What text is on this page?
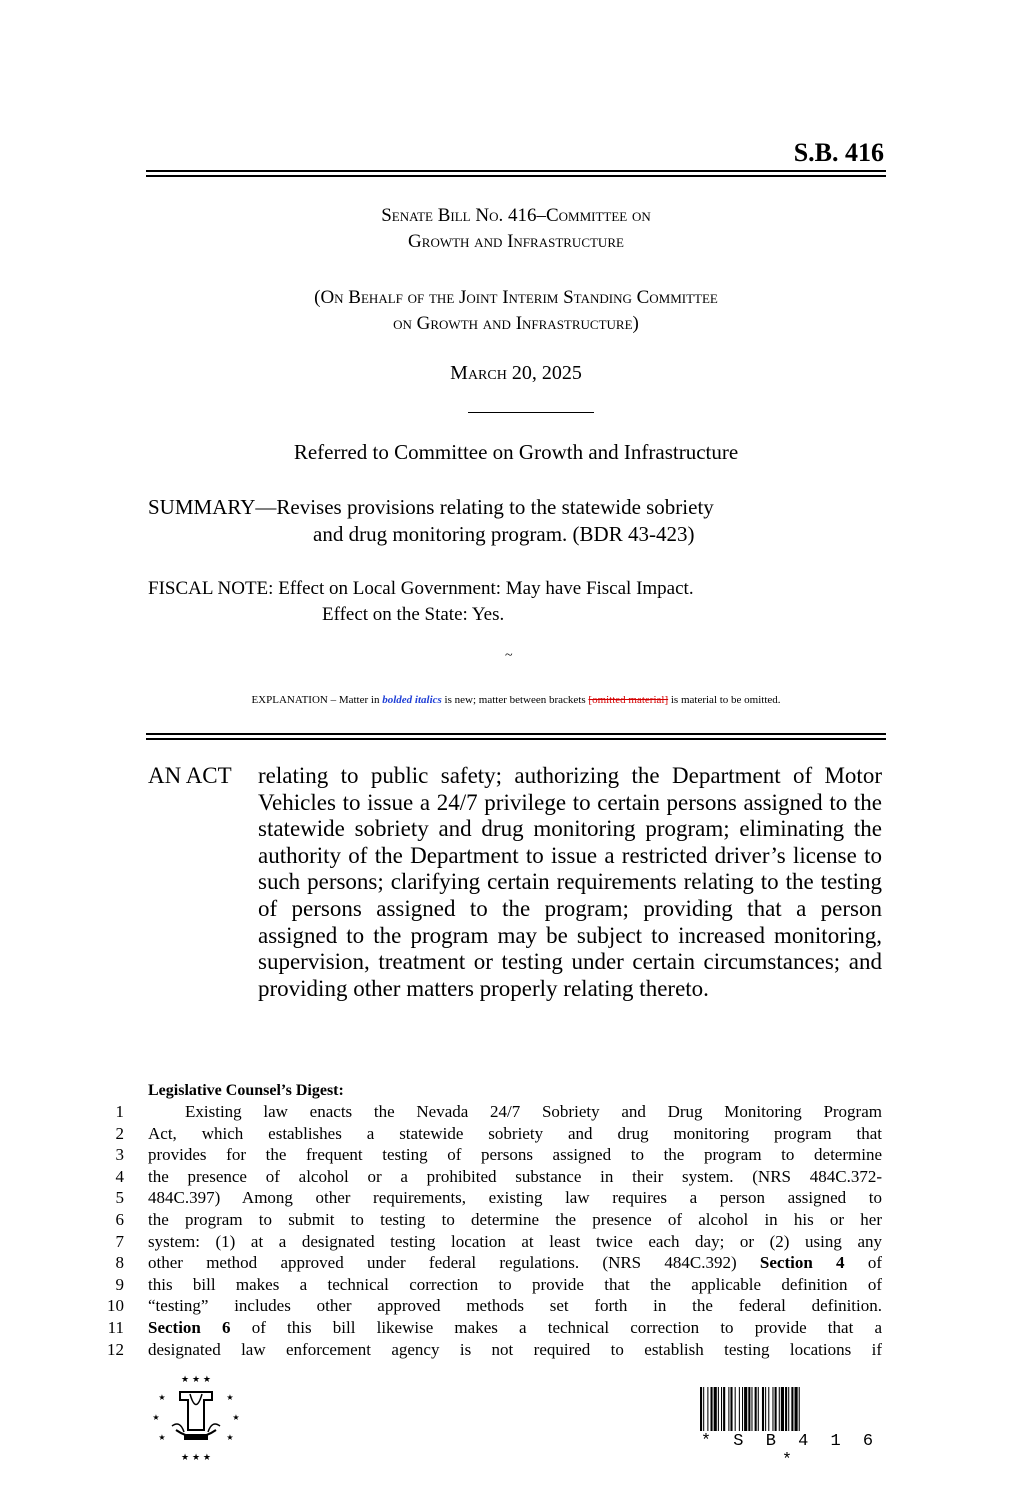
S.B. 416
Senate Bill No. 416–Committee on
Growth and Infrastructure
(On Behalf of the Joint Interim Standing Committee
on Growth and Infrastructure)
March 20, 2025
Referred to Committee on Growth and Infrastructure
SUMMARY—Revises provisions relating to the statewide sobriety
and drug monitoring program. (BDR 43-423)
FISCAL NOTE: Effect on Local Government: May have Fiscal Impact.
Effect on the State: Yes.
~
EXPLANATION – Matter in bolded italics is new; matter between brackets [omitted material] is material to be omitted.
AN ACT	relating to public safety; authorizing the Department of Motor Vehicles to issue a 24/7 privilege to certain persons assigned to the statewide sobriety and drug monitoring program; eliminating the authority of the Department to issue a restricted driver’s license to such persons; clarifying certain requirements relating to the testing of persons assigned to the program; providing that a person assigned to the program may be subject to increased monitoring, supervision, treatment or testing under certain circumstances; and providing other matters properly relating thereto.
Legislative Counsel’s Digest:
1	Existing law enacts the Nevada 24/7 Sobriety and Drug Monitoring Program
2 Act, which establishes a statewide sobriety and drug monitoring program that
3 provides for the frequent testing of persons assigned to the program to determine
4 the presence of alcohol or a prohibited substance in their system. (NRS 484C.372-
5 484C.397) Among other requirements, existing law requires a person assigned to
6 the program to submit to testing to determine the presence of alcohol in his or her
7 system: (1) at a designated testing location at least twice each day; or (2) using any
8 other method approved under federal regulations. (NRS 484C.392) Section 4 of
9 this bill makes a technical correction to provide that the applicable definition of
10 “testing” includes other approved methods set forth in the federal definition.
11 Section 6 of this bill likewise makes a technical correction to provide that a
12 designated law enforcement agency is not required to establish testing locations if
★ ★ ★
★	★
★	★
★	★
★ ★ ★
* S B 4 1 6 *
